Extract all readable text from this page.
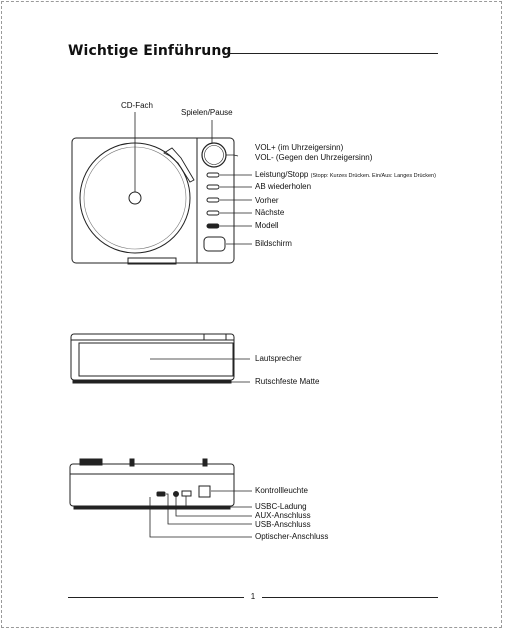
Wichtige Einführung
CD-Fach
Spielen/Pause
VOL+ (im Uhrzeigersinn)
VOL- (Gegen den Uhrzeigersinn)
Leistung/Stopp (Stopp: Kurzes Drücken. Ein/Aus: Langes Drücken)
AB wiederholen
Vorher
Nächste
Modell
Bildschirm
Lautsprecher
Rutschfeste Matte
Kontrollleuchte
USBC-Ladung
AUX-Anschluss
USB-Anschluss
Optischer-Anschluss
1
